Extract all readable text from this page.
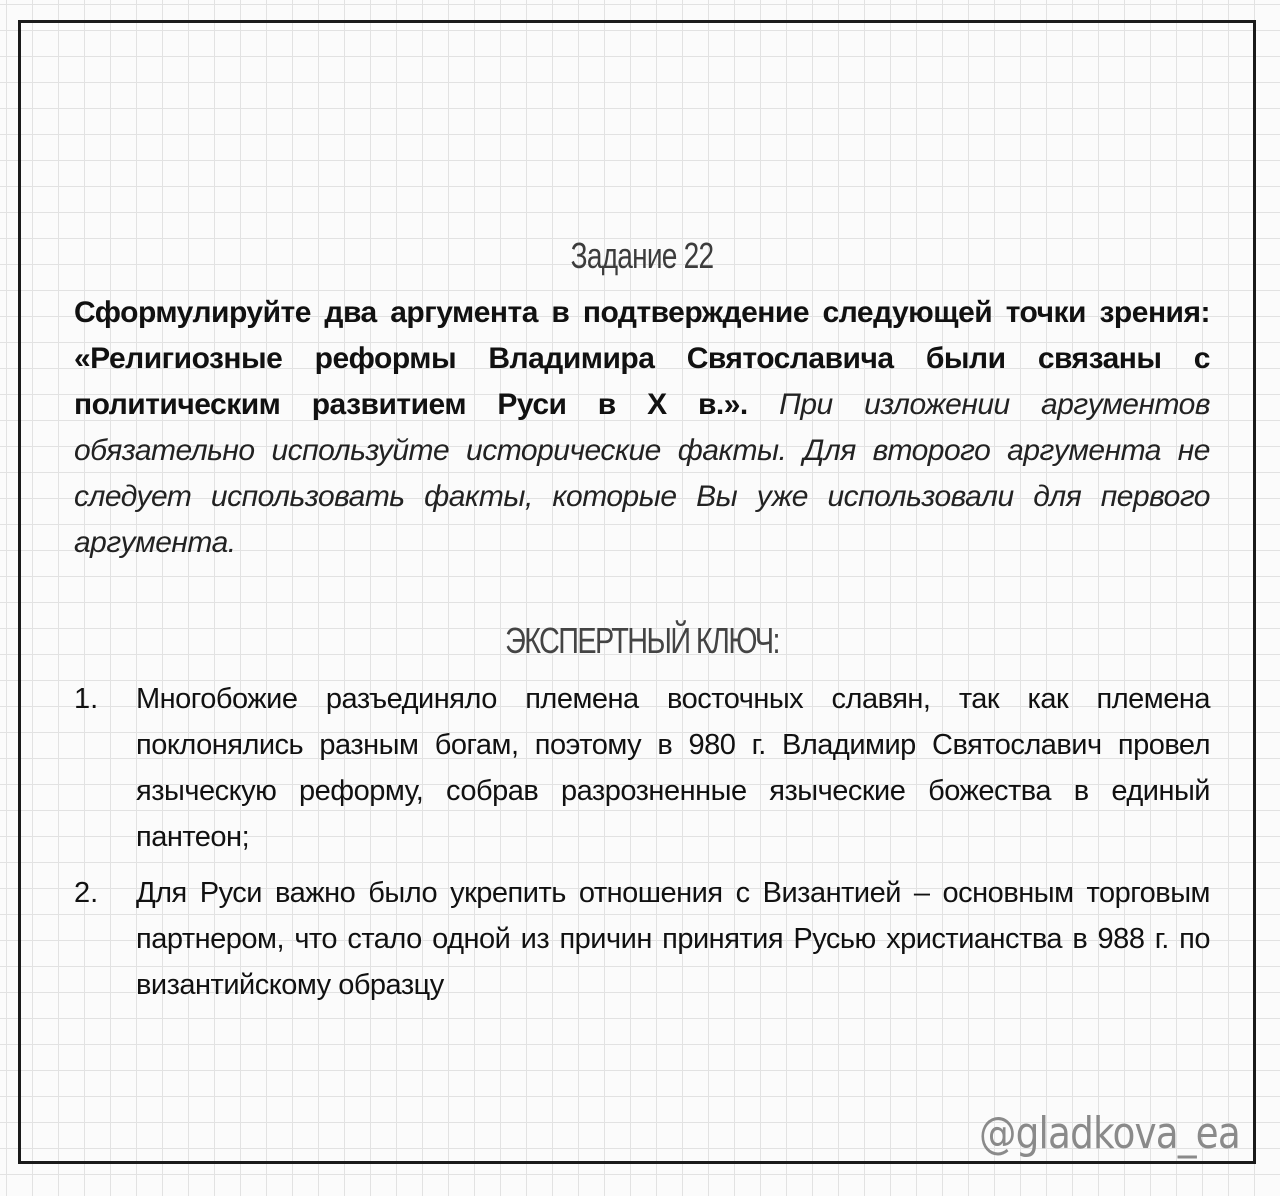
Задание 22

Сформулируйте два аргумента в подтверждение следующей точки зрения: «Религиозные реформы Владимира Святославича были связаны с политическим развитием Руси в X в.». При изложении аргументов обязательно используйте исторические факты. Для второго аргумента не следует использовать факты, которые Вы уже использовали для первого аргумента.

ЭКСПЕРТНЫЙ КЛЮЧ:
1. Многобожие разъединяло племена восточных славян, так как племена поклонялись разным богам, поэтому в 980 г. Владимир Святославич провел языческую реформу, собрав разрозненные языческие божества в единый пантеон;
2. Для Руси важно было укрепить отношения с Византией – основным торговым партнером, что стало одной из причин принятия Русью христианства в 988 г. по византийскому образцу
@gladkova_ea
